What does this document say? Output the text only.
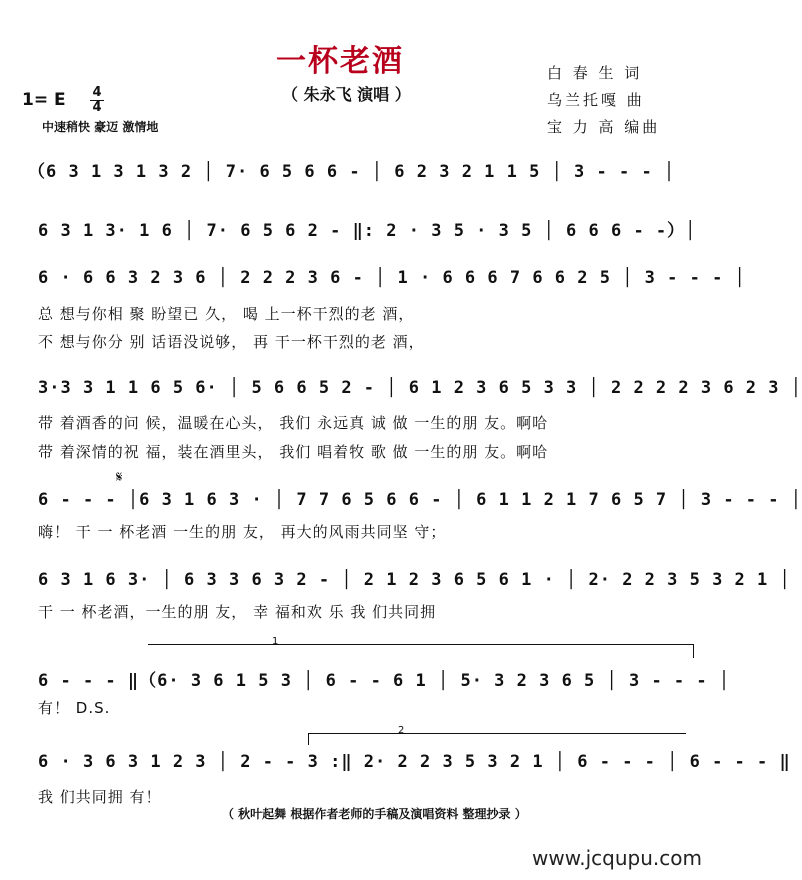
一杯老酒
（ 朱永飞 演唱 ）
白 春 生 词
乌兰托嘎 曲
宝 力 高 编曲
1= E 4
4
中速稍快 豪迈 激情地
（6 3 1 3 1 3 2 │ 7· 6 5 6 6 - │ 6 2 3 2 1 1 5 │ 3 - - - │
6 3 1 3· 1 6 │ 7· 6 5 6 2 - ‖: 2 · 3 5 · 3 5 │ 6 6 6 - -）│
6 · 6 6 3 2 3 6 │ 2 2 2 3 6 - │ 1 · 6 6 6 7 6 6 2 5 │ 3 - - - │
总 想与你相 聚 盼望已 久， 喝 上一杯干烈的老 酒，
不 想与你分 别 话语没说够， 再 干一杯干烈的老 酒，
3·3 3 1 1 6 5 6· │ 5 6 6 5 2 - │ 6 1 2 3 6 5 3 3 │ 2 2 2 2 3 6 2 3 │
带 着酒香的问 候，温暖在心头， 我们 永远真 诚 做 一生的朋 友。啊哈
带 着深情的祝 福，装在酒里头， 我们 唱着牧 歌 做 一生的朋 友。啊哈
𝄋
6 - - - │6 3 1 6 3 · │ 7 7 6 5 6 6 - │ 6 1 1 2 1 7 6 5 7 │ 3 - - - │
嗨！ 干 一 杯老酒 一生的朋 友， 再大的风雨共同坚 守；
6 3 1 6 3· │ 6 3 3 6 3 2 - │ 2 1 2 3 6 5 6 1 · │ 2· 2 2 3 5 3 2 1 │
干 一 杯老酒，一生的朋 友， 幸 福和欢 乐 我 们共同拥
1
6 - - - ‖（6· 3 6 1 5 3 │ 6 - - 6 1 │ 5· 3 2 3 6 5 │ 3 - - - │
有！ D.S.
2
6 · 3 6 3 1 2 3 │ 2 - - 3 :‖ 2· 2 2 3 5 3 2 1 │ 6 - - - │ 6 - - - ‖
我 们共同拥 有！
（ 秋叶起舞 根据作者老师的手稿及演唱资料 整理抄录 ）
www.jcqupu.com
